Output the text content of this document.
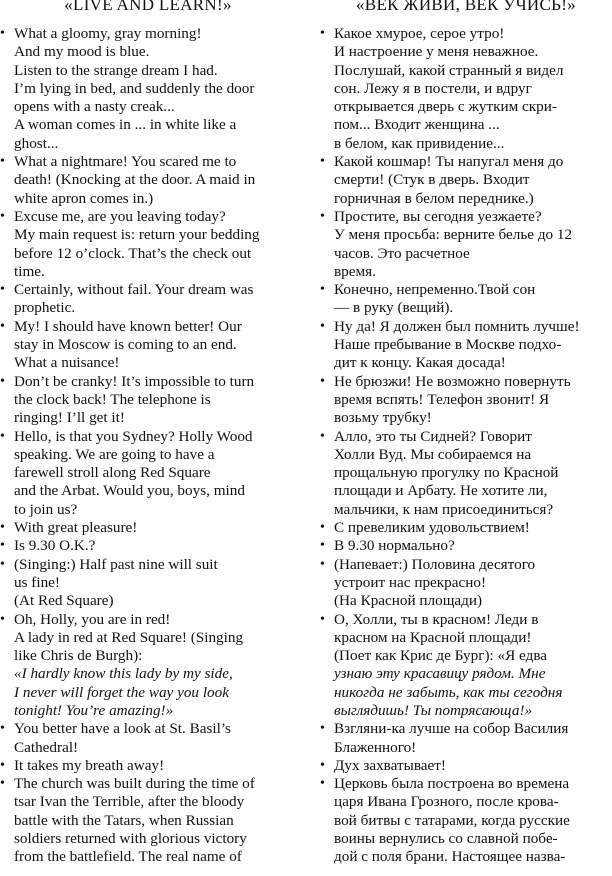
«LIVE AND LEARN!»
• What a gloomy, gray morning!
And my mood is blue.
Listen to the strange dream I had.
I’m lying in bed, and suddenly the door
opens with a nasty creak...
A woman comes in ... in white like a
ghost...
• What a nightmare! You scared me to
death! (Knocking at the door. A maid in
white apron comes in.)
• Excuse me, are you leaving today?
My main request is: return your bedding
before 12 o’clock. That’s the check out
time.
• Certainly, without fail. Your dream was
prophetic.
• My! I should have known better! Our
stay in Moscow is coming to an end.
What a nuisance!
• Don’t be cranky! It’s impossible to turn
the clock back! The telephone is
ringing! I’ll get it!
• Hello, is that you Sydney? Holly Wood
speaking. We are going to have a
farewell stroll along Red Square
and the Arbat. Would you, boys, mind
to join us?
• With great pleasure!
• Is 9.30 O.K.?
• (Singing:) Half past nine will suit
us fine!
(At Red Square)
• Oh, Holly, you are in red!
A lady in red at Red Square! (Singing
like Chris de Burgh):
«I hardly know this lady by my side,
I never will forget the way you look
tonight! You’re amazing!»
• You better have a look at St. Basil’s
Cathedral!
• It takes my breath away!
• The church was built during the time of
tsar Ivan the Terrible, after the bloody
battle with the Tatars, when Russian
soldiers returned with glorious victory
from the battlefield. The real name of
«ВЕК ЖИВИ, ВЕК УЧИСЬ!»
• Какое хмурое, серое утро!
И настроение у меня неважное.
Послушай, какой странный я видел
сон. Лежу я в постели, и вдруг
открывается дверь с жутким скри-
пом... Входит женщина ...
в белом, как привидение...
• Какой кошмар! Ты напугал меня до
смерти! (Стук в дверь. Входит
горничная в белом переднике.)
• Простите, вы сегодня уезжаете?
У меня просьба: верните белье до 12
часов. Это расчетное
время.
• Конечно, непременно.Твой сон
— в руку (вещий).
• Ну да! Я должен был помнить лучше!
Наше пребывание в Москве подхо-
дит к концу. Какая досада!
• Не брюзжи! Не возможно повернуть
время вспять! Телефон звонит! Я
возьму трубку!
• Алло, это ты Сидней? Говорит
Холли Вуд. Мы собираемся на
прощальную прогулку по Красной
площади и Арбату. Не хотите ли,
мальчики, к нам присоединиться?
• С превеликим удовольствием!
• В 9.30 нормально?
• (Напевает:) Половина десятого
устроит нас прекрасно!
(На Красной площади)
• О, Холли, ты в красном! Леди в
красном на Красной площади!
(Поет как Крис де Бург): «Я едва
узнаю эту красавицу рядом. Мне
никогда не забыть, как ты сегодня
выглядишь! Ты потрясающа!»
• Взгляни-ка лучше на собор Василия
Блаженного!
• Дух захватывает!
• Церковь была построена во времена
царя Ивана Грозного, после крова-
вой битвы с татарами, когда русские
воины вернулись со славной побе-
дой с поля брани. Настоящее назва-
